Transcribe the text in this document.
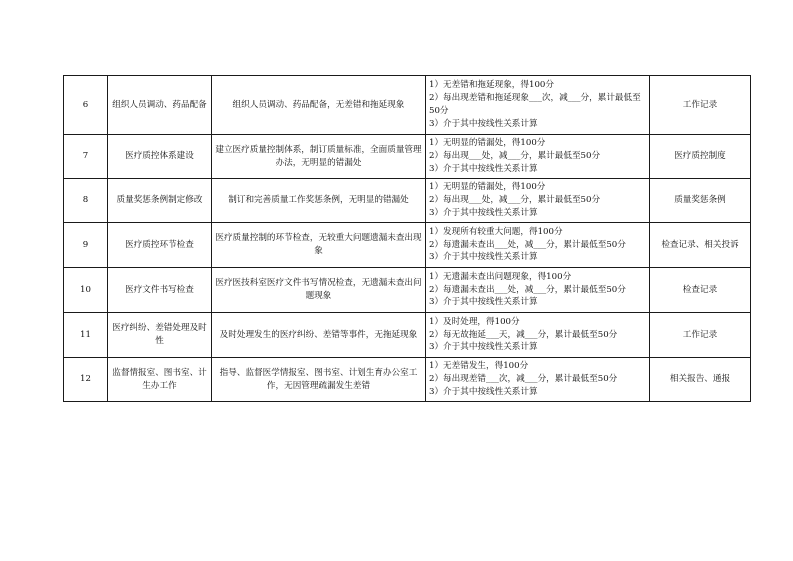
6	组织人员调动、药品配备	组织人员调动、药品配备，无差错和拖延现象	1）无差错和拖延现象，得100分
2）每出现差错和拖延现象___次，减___分，累计最低至50分
3）介于其中按线性关系计算	工作记录
7	医疗质控体系建设	建立医疗质量控制体系，制订质量标准，全面质量管理办法，无明显的错漏处	1）无明显的错漏处，得100分
2）每出现___处，减___分，累计最低至50分
3）介于其中按线性关系计算	医疗质控制度
8	质量奖惩条例制定修改	制订和完善质量工作奖惩条例，无明显的错漏处	1）无明显的错漏处，得100分
2）每出现___处，减___分，累计最低至50分
3）介于其中按线性关系计算	质量奖惩条例
9	医疗质控环节检查	医疗质量控制的环节检查，无较重大问题遗漏未查出现象	1）发现所有较重大问题，得100分
2）每遗漏未查出___处，减___分，累计最低至50分
3）介于其中按线性关系计算	检查记录、相关投诉
10	医疗文件书写检查	医疗医技科室医疗文件书写情况检查，无遗漏未查出问题现象	1）无遗漏未查出问题现象，得100分
2）每遗漏未查出___处，减___分，累计最低至50分
3）介于其中按线性关系计算	检查记录
11	医疗纠纷、差错处理及时性	及时处理发生的医疗纠纷、差错等事件，无拖延现象	1）及时处理，得100分
2）每无故拖延___天，减___分，累计最低至50分
3）介于其中按线性关系计算	工作记录
12	监督情报室、图书室、计生办工作	指导、监督医学情报室、图书室、计划生育办公室工作，无因管理疏漏发生差错	1）无差错发生，得100分
2）每出现差错___次，减___分，累计最低至50分
3）介于其中按线性关系计算	相关报告、通报
